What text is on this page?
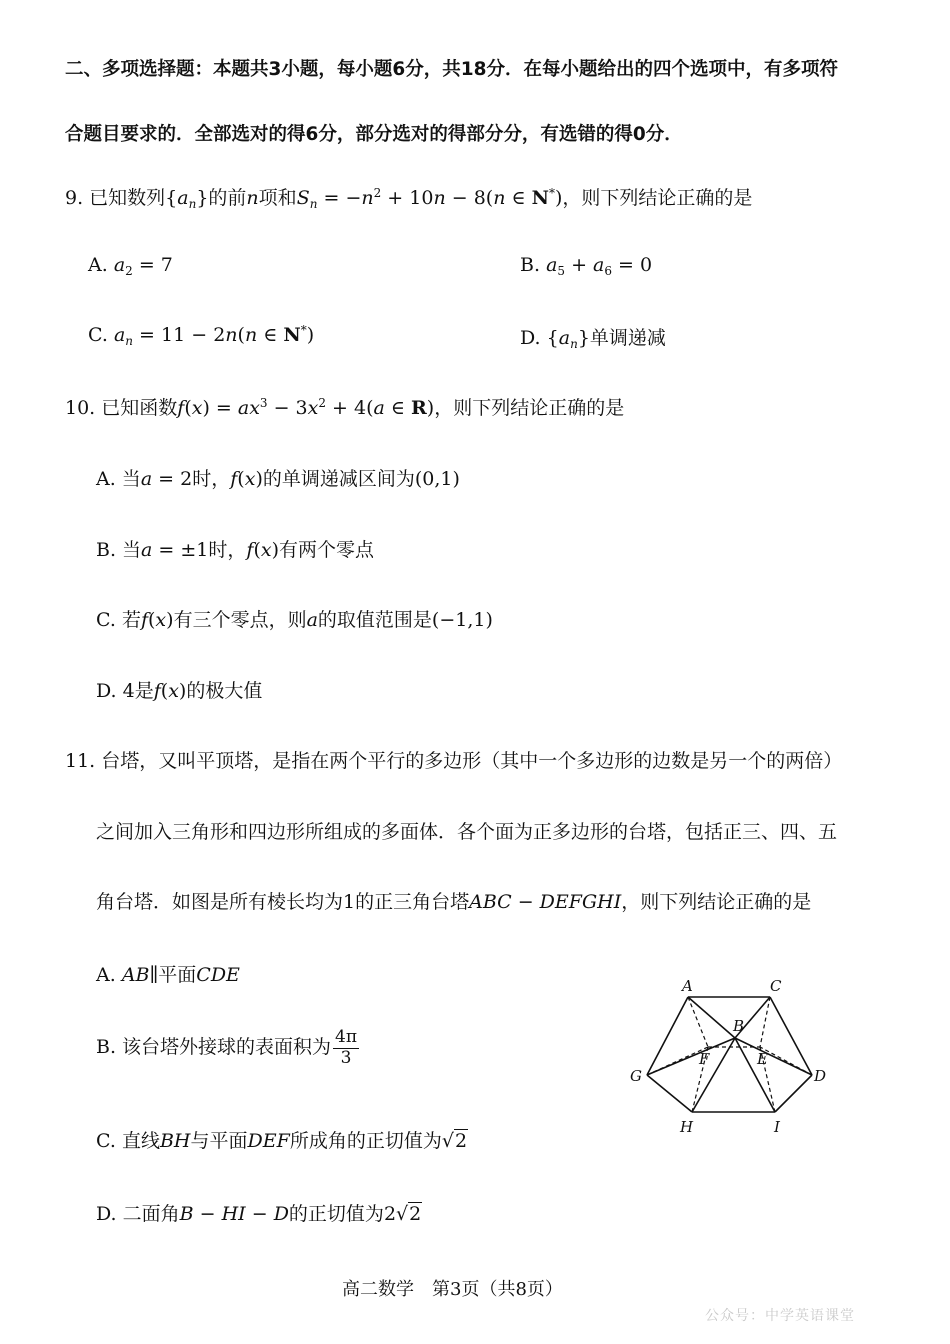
二、多项选择题：本题共3小题，每小题6分，共18分．在每小题给出的四个选项中，有多项符
合题目要求的．全部选对的得6分，部分选对的得部分分，有选错的得0分．
9. 已知数列$\{a_n\}$的前n项和$S_n = -n^2 + 10n - 8(n$ ∈ N*)，则下列结论正确的是
A. $a_2 = 7$	B. $a_5 + a_6 = 0$
C. $a_n = 11 - 2n(n$ ∈ N*)	D. $\{a_n\}$单调递减
10. 已知函数$f(x) = ax^3 - 3x^2 + 4(a$ ∈ R)，则下列结论正确的是
A. 当a = 2时，f(x)的单调递减区间为(0,1)
B. 当a = ±1时，f(x)有两个零点
C. 若f(x)有三个零点，则a的取值范围是(−1,1)
D. 4是f(x)的极大值
11. 台塔，又叫平顶塔，是指在两个平行的多边形（其中一个多边形的边数是另一个的两倍）
之间加入三角形和四边形所组成的多面体．各个面为正多边形的台塔，包括正三、四、五
角台塔．如图是所有棱长均为1的正三角台塔ABC − DEFGHI，则下列结论正确的是
A. AB∥平面CDE
B. 该台塔外接球的表面积为 $\frac{4\pi}{3}$
C. 直线BH与平面DEF所成角的正切值为√2
D. 二面角B − HI − D的正切值为2√2
A	C
B
F	E
G	D
H	I
高二数学　第3页（共8页）
公众号：中学英语课堂
